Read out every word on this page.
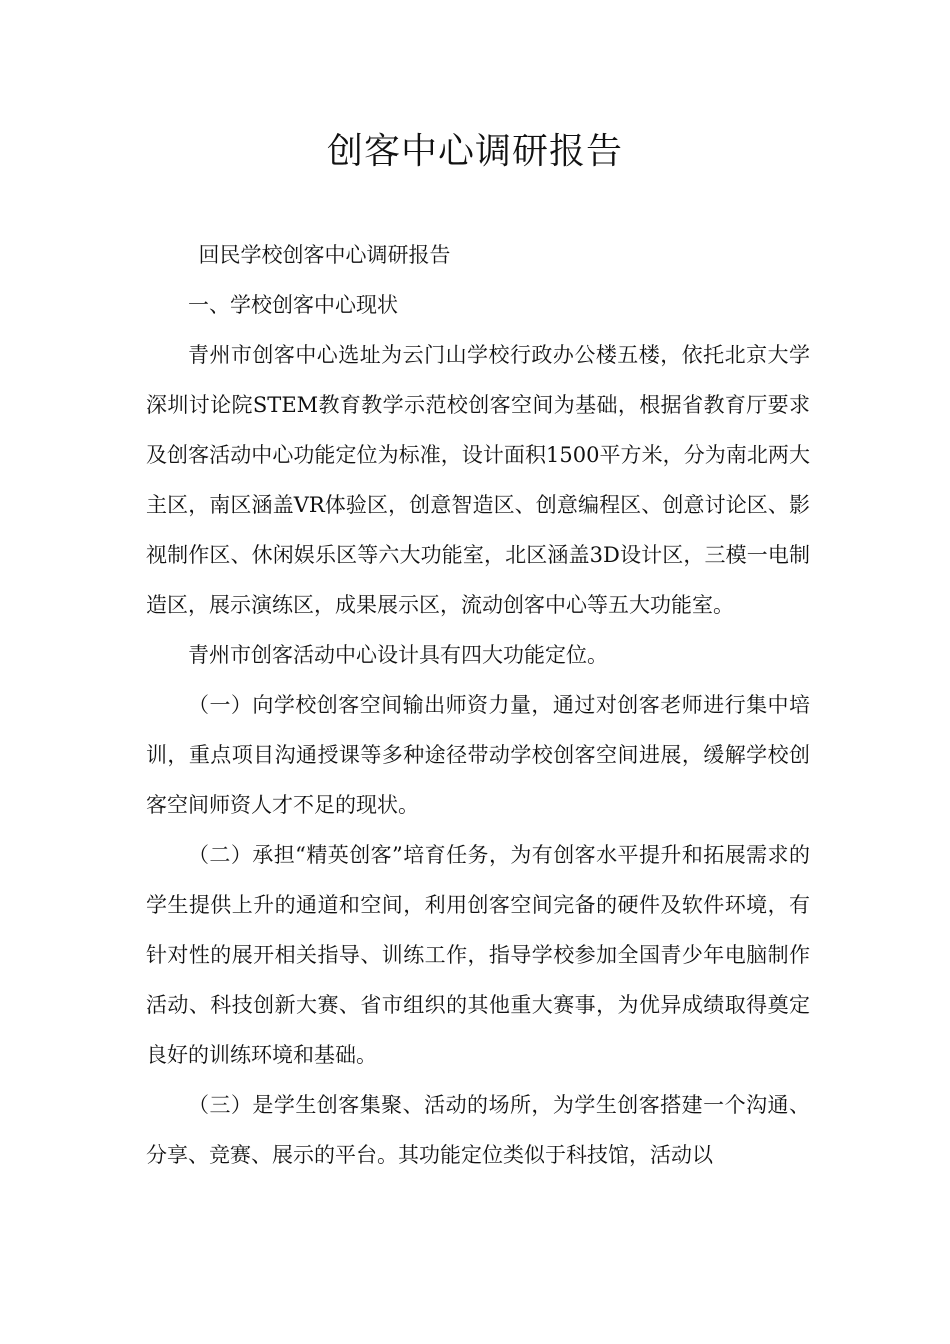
创客中心调研报告

回民学校创客中心调研报告

一、学校创客中心现状

青州市创客中心选址为云门山学校行政办公楼五楼，依托北京大学深圳讨论院STEM教育教学示范校创客空间为基础，根据省教育厅要求及创客活动中心功能定位为标准，设计面积1500平方米，分为南北两大主区，南区涵盖VR体验区，创意智造区、创意编程区、创意讨论区、影视制作区、休闲娱乐区等六大功能室，北区涵盖3D设计区，三模一电制造区，展示演练区，成果展示区，流动创客中心等五大功能室。

青州市创客活动中心设计具有四大功能定位。

（一）向学校创客空间输出师资力量，通过对创客老师进行集中培训，重点项目沟通授课等多种途径带动学校创客空间进展，缓解学校创客空间师资人才不足的现状。

（二）承担“精英创客”培育任务，为有创客水平提升和拓展需求的学生提供上升的通道和空间，利用创客空间完备的硬件及软件环境，有针对性的展开相关指导、训练工作，指导学校参加全国青少年电脑制作活动、科技创新大赛、省市组织的其他重大赛事，为优异成绩取得奠定良好的训练环境和基础。

（三）是学生创客集聚、活动的场所，为学生创客搭建一个沟通、分享、竞赛、展示的平台。其功能定位类似于科技馆，活动以
